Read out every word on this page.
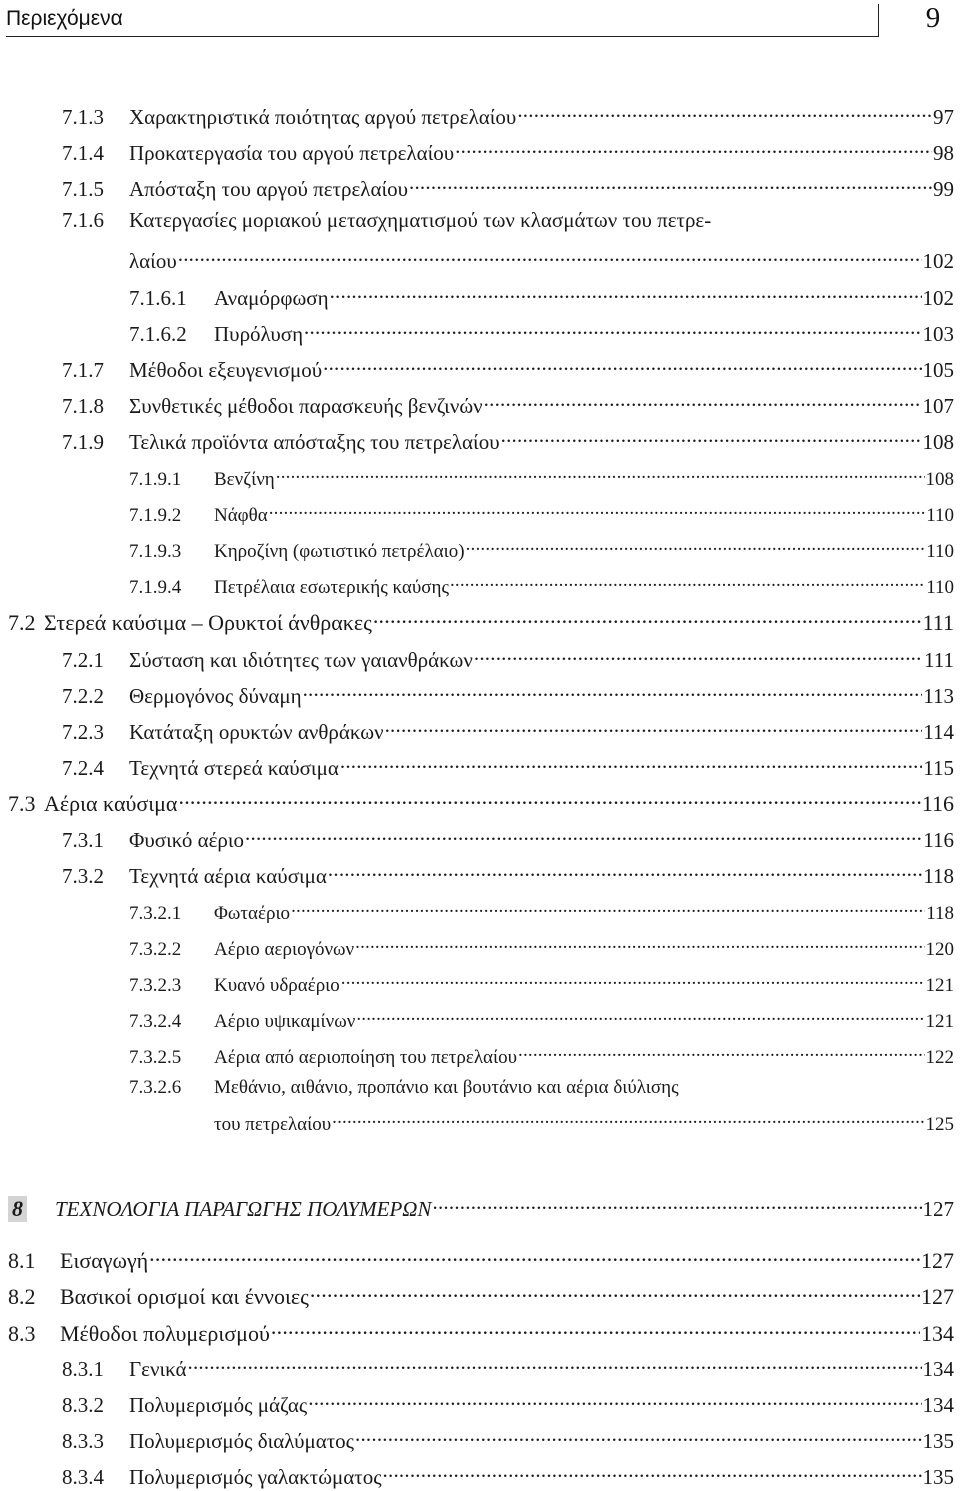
Περιεχόμενα	9
7.1.3	Χαρακτηριστικά ποιότητας αργού πετρελαίου . . .	97
7.1.4	Προκατεργασία του αργού πετρελαίου . . .	98
7.1.5	Απόσταξη του αργού πετρελαίου . . .	99
7.1.6 Κατεργασίες μοριακού μετασχηματισμού των κλασμάτων του πετρε-
λαίου . . .	102
7.1.6.1	Αναμόρφωση . . .	102
7.1.6.2	Πυρόλυση . . .	103
7.1.7	Μέθοδοι εξευγενισμού . . .	105
7.1.8	Συνθετικές μέθοδοι παρασκευής βενζινών . . .	107
7.1.9	Τελικά προϊόντα απόσταξης του πετρελαίου . . .	108
7.1.9.1	Βενζίνη . . .	108
7.1.9.2	Νάφθα . . .	110
7.1.9.3	Κηροζίνη (φωτιστικό πετρέλαιο) . . .	110
7.1.9.4	Πετρέλαια εσωτερικής καύσης . . .	110
7.2 Στερεά καύσιμα – Ορυκτοί άνθρακες . . .	111
7.2.1	Σύσταση και ιδιότητες των γαιανθράκων . . .	111
7.2.2	Θερμογόνος δύναμη . . .	113
7.2.3	Κατάταξη ορυκτών ανθράκων . . .	114
7.2.4	Τεχνητά στερεά καύσιμα . . .	115
7.3 Αέρια καύσιμα . . .	116
7.3.1	Φυσικό αέριο . . .	116
7.3.2	Τεχνητά αέρια καύσιμα . . .	118
7.3.2.1	Φωταέριο . . .	118
7.3.2.2	Αέριο αεριογόνων . . .	120
7.3.2.3	Κυανό υδραέριο . . .	121
7.3.2.4	Αέριο υψικαμίνων . . .	121
7.3.2.5	Αέρια από αεριοποίηση του πετρελαίου . . .	122
7.3.2.6 Μεθάνιο, αιθάνιο, προπάνιο και βουτάνιο και αέρια διύλισης
του πετρελαίου . . .	125
8 ΤΕΧΝΟΛΟΓΙΑ ΠΑΡΑΓΩΓΗΣ ΠΟΛΥΜΕΡΩΝ . . .	127
8.1	Εισαγωγή . . .	127
8.2	Βασικοί ορισμοί και έννοιες . . .	127
8.3	Μέθοδοι πολυμερισμού . . .	134
8.3.1	Γενικά . . .	134
8.3.2	Πολυμερισμός μάζας . . .	134
8.3.3	Πολυμερισμός διαλύματος . . .	135
8.3.4	Πολυμερισμός γαλακτώματος . . .	135
